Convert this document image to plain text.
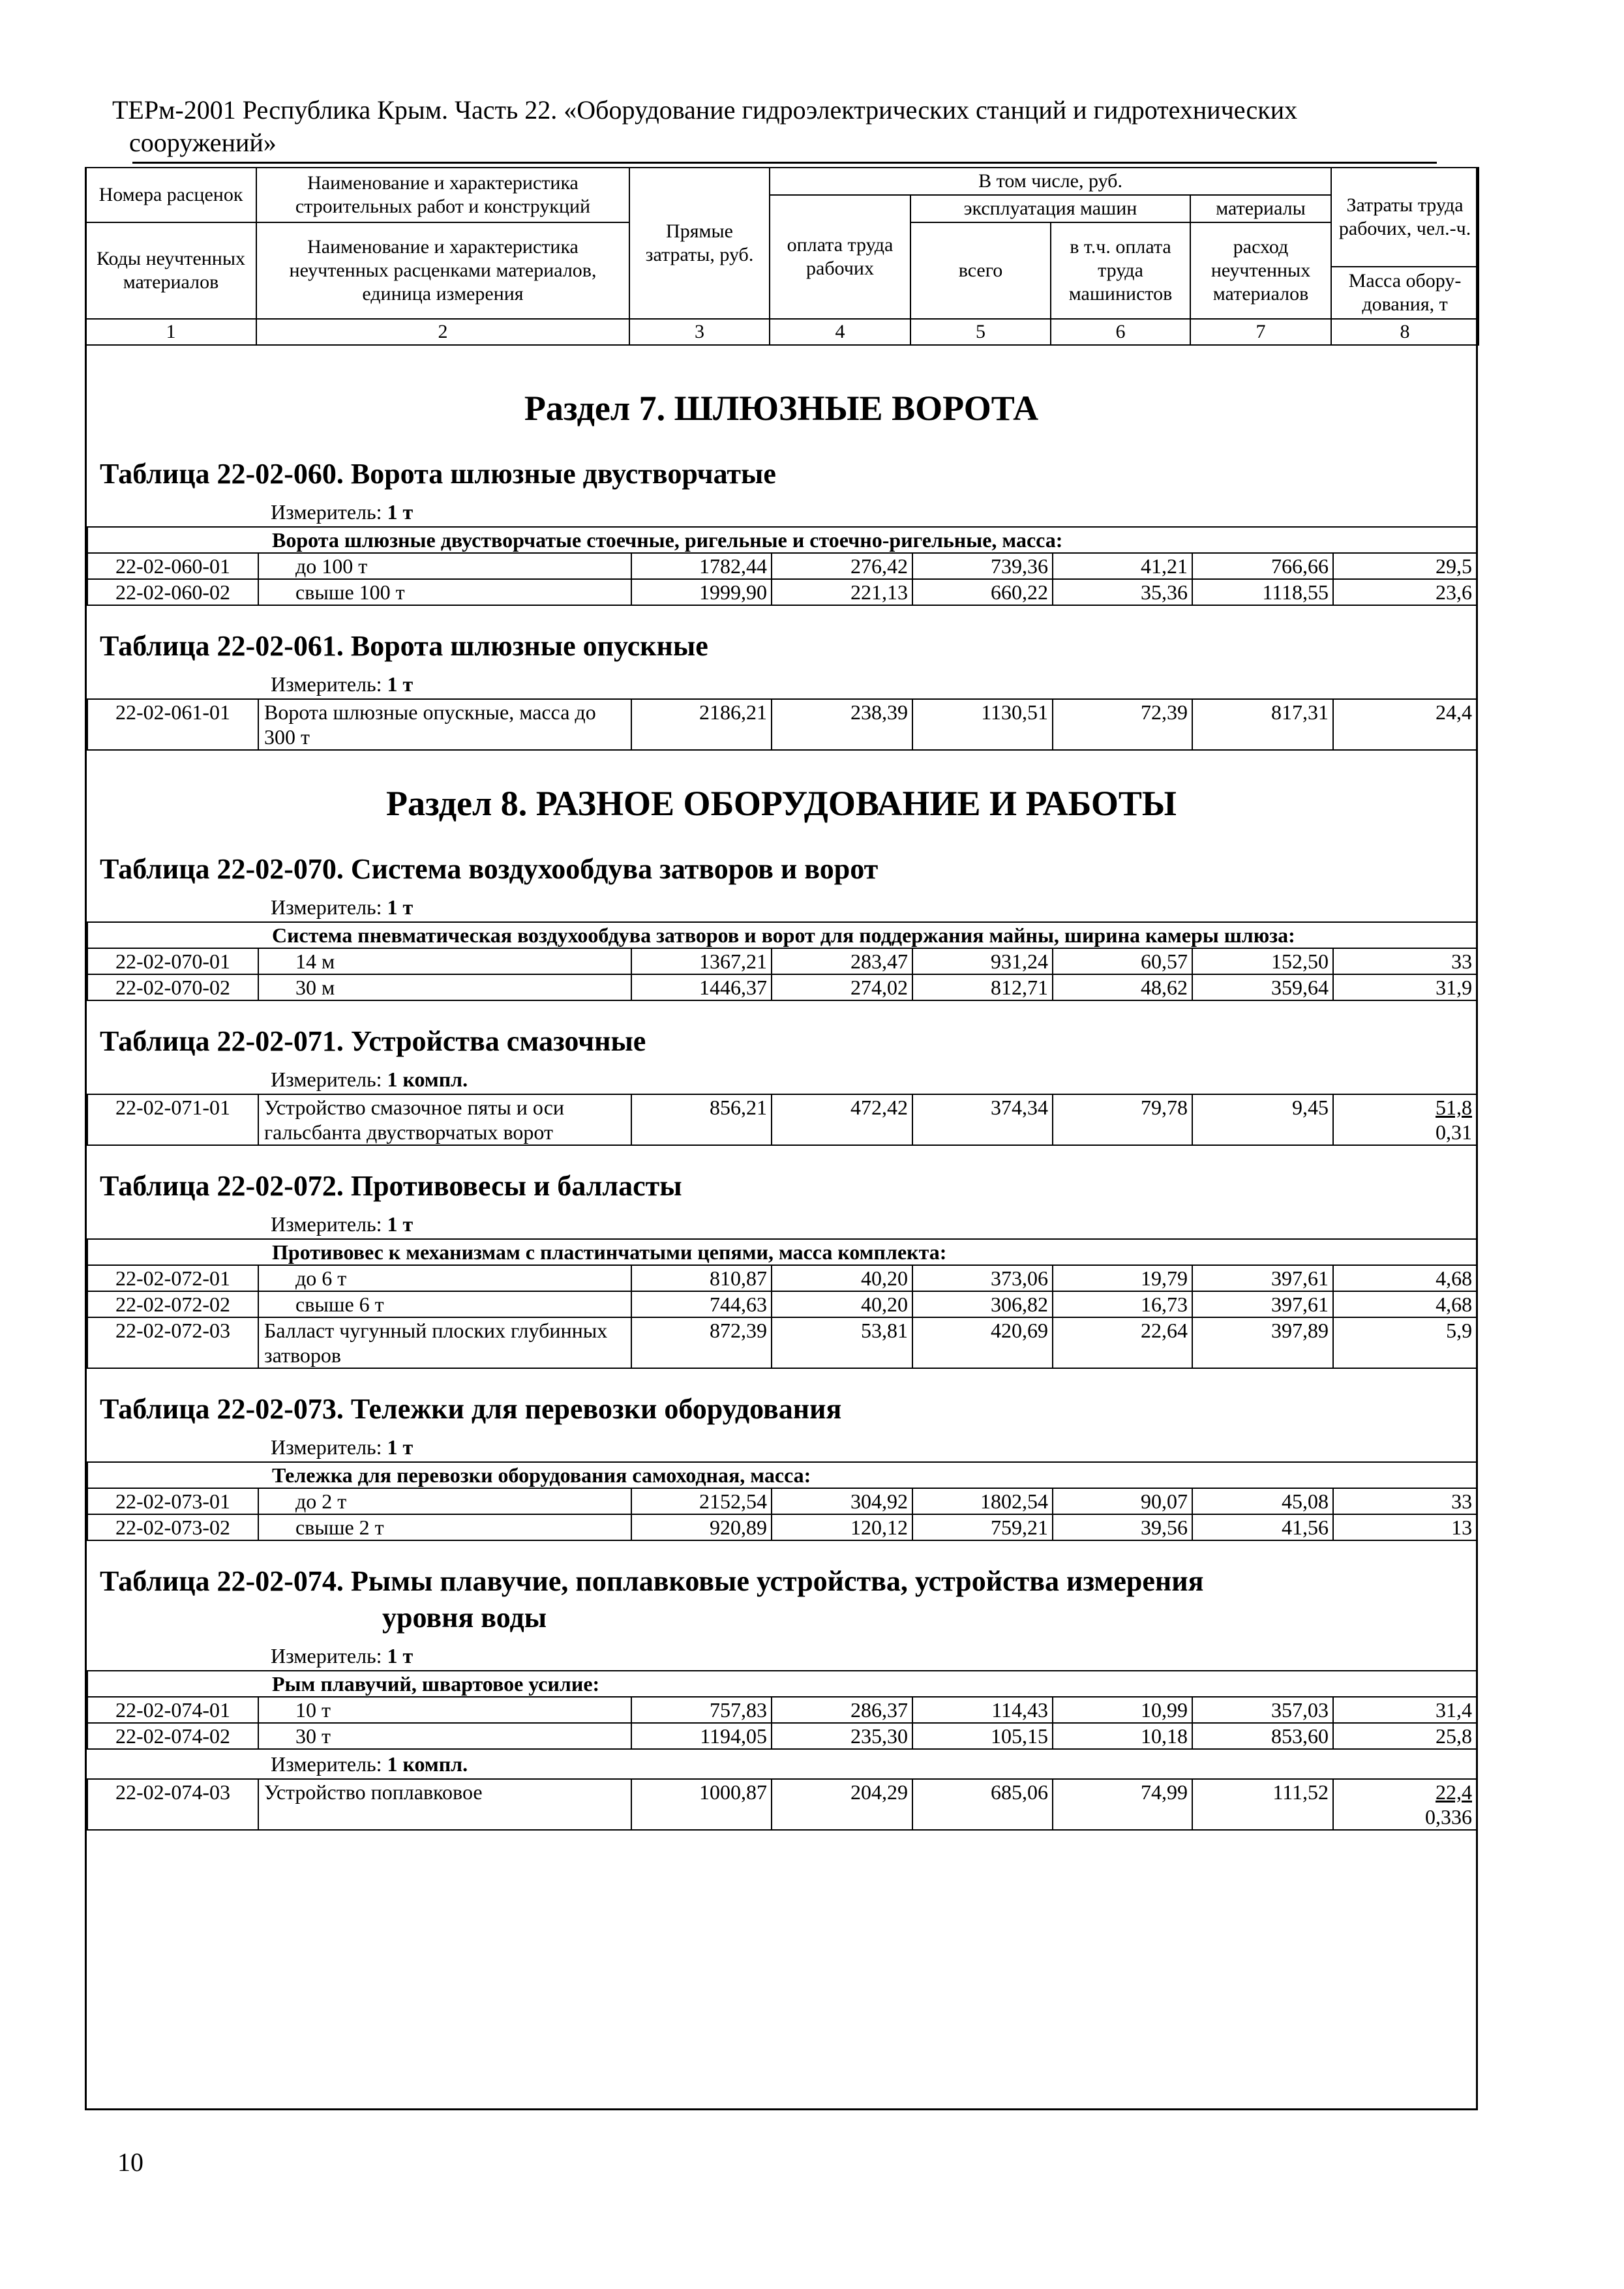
ТЕРм-2001 Республика Крым. Часть 22. «Оборудование гидроэлектрических станций и гидротехнических
сооружений»
Номера расценок	Наименование и характеристика строительных работ и конструкций	Прямые затраты, руб.	В том числе, руб.				Затраты труда рабочих, чел.-ч.
			оплата труда рабочих	эксплуатация машин		материалы	
Коды неучтенных материалов	Наименование и характеристика неучтенных расценками материалов, единица измерения			всего	в т.ч. оплата труда машинистов	расход неучтенных материалов	
							Масса обору-дования, т

1	2	3	4	5	6	7	8
Раздел 7. ШЛЮЗНЫЕ ВОРОТА
Таблица 22-02-060. Ворота шлюзные двустворчатые
Измеритель: 1 т
Ворота шлюзные двустворчатые стоечные, ригельные и стоечно-ригельные, масса:							
22-02-060-01	до 100 т	1782,44	276,42	739,36	41,21	766,66	29,5
22-02-060-02	свыше 100 т	1999,90	221,13	660,22	35,36	1118,55	23,6
Таблица 22-02-061. Ворота шлюзные опускные
Измеритель: 1 т
22-02-061-01	Ворота шлюзные опускные, масса до 300 т	2186,21	238,39	1130,51	72,39	817,31	24,4
Раздел 8. РАЗНОЕ ОБОРУДОВАНИЕ И РАБОТЫ
Таблица 22-02-070. Система воздухообдува затворов и ворот
Измеритель: 1 т
Система пневматическая воздухообдува затворов и ворот для поддержания майны, ширина камеры шлюза:							
22-02-070-01	14 м	1367,21	283,47	931,24	60,57	152,50	33
22-02-070-02	30 м	1446,37	274,02	812,71	48,62	359,64	31,9
Таблица 22-02-071. Устройства смазочные
Измеритель: 1 компл.
22-02-071-01	Устройство смазочное пяты и оси гальсбанта двустворчатых ворот	856,21	472,42	374,34	79,78	9,45	51,8
0,31
Таблица 22-02-072. Противовесы и балласты
Измеритель: 1 т
Противовес к механизмам с пластинчатыми цепями, масса комплекта:							
22-02-072-01	до 6 т	810,87	40,20	373,06	19,79	397,61	4,68
22-02-072-02	свыше 6 т	744,63	40,20	306,82	16,73	397,61	4,68
22-02-072-03	Балласт чугунный плоских глубинных затворов	872,39	53,81	420,69	22,64	397,89	5,9
Таблица 22-02-073. Тележки для перевозки оборудования
Измеритель: 1 т
Тележка для перевозки оборудования самоходная, масса:							
22-02-073-01	до 2 т	2152,54	304,92	1802,54	90,07	45,08	33
22-02-073-02	свыше 2 т	920,89	120,12	759,21	39,56	41,56	13
Таблица 22-02-074. Рымы плавучие, поплавковые устройства, устройства измерения
уровня воды
Измеритель: 1 т
Рым плавучий, швартовое усилие:							
22-02-074-01	10 т	757,83	286,37	114,43	10,99	357,03	31,4
22-02-074-02	30 т	1194,05	235,30	105,15	10,18	853,60	25,8
Измеритель: 1 компл.
22-02-074-03	Устройство поплавковое	1000,87	204,29	685,06	74,99	111,52	22,4
0,336
10
